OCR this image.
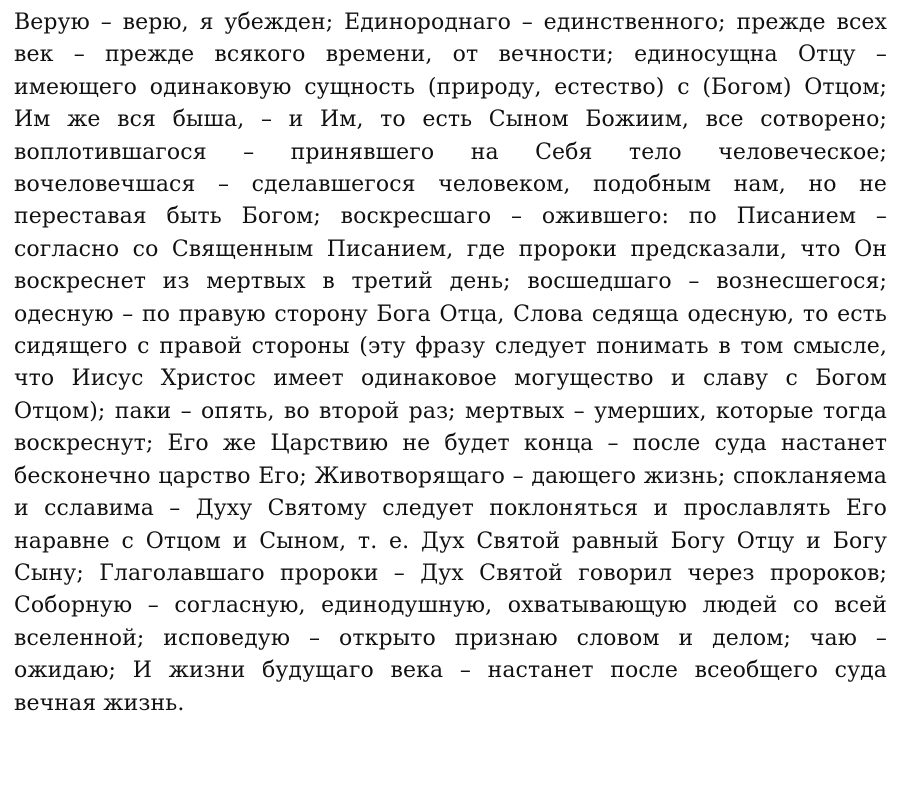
Верую – верю, я убежден; Единороднаго – единственного; прежде всех век – прежде всякого времени, от вечности; единосущна Отцу – имеющего одинаковую сущность (природу, естество) с (Богом) Отцом; Им же вся быша, – и Им, то есть Сыном Божиим, все сотворено; воплотившагося – принявшего на Себя тело человеческое; вочеловечшася – сделавшегося человеком, подобным нам, но не переставая быть Богом; воскресшаго – ожившего: по Писанием – согласно со Священным Писанием, где пророки предсказали, что Он воскреснет из мертвых в третий день; восшедшаго – вознесшегося; одесную – по правую сторону Бога Отца, Слова седяща одесную, то есть сидящего с правой стороны (эту фразу следует понимать в том смысле, что Иисус Христос имеет одинаковое могущество и славу с Богом Отцом); паки – опять, во второй раз; мертвых – умерших, которые тогда воскреснут; Его же Царствию не будет конца – после суда настанет бесконечно царство Его; Животворящаго – дающего жизнь; спокланяема и сславима – Духу Святому следует поклоняться и прославлять Его наравне с Отцом и Сыном, т. е. Дух Святой равный Богу Отцу и Богу Сыну; Глаголавшаго пророки – Дух Святой говорил через пророков; Соборную – согласную, единодушную, охватывающую людей со всей вселенной; исповедую – открыто признаю словом и делом; чаю – ожидаю; И жизни будущаго века – настанет после всеобщего суда вечная жизнь.
